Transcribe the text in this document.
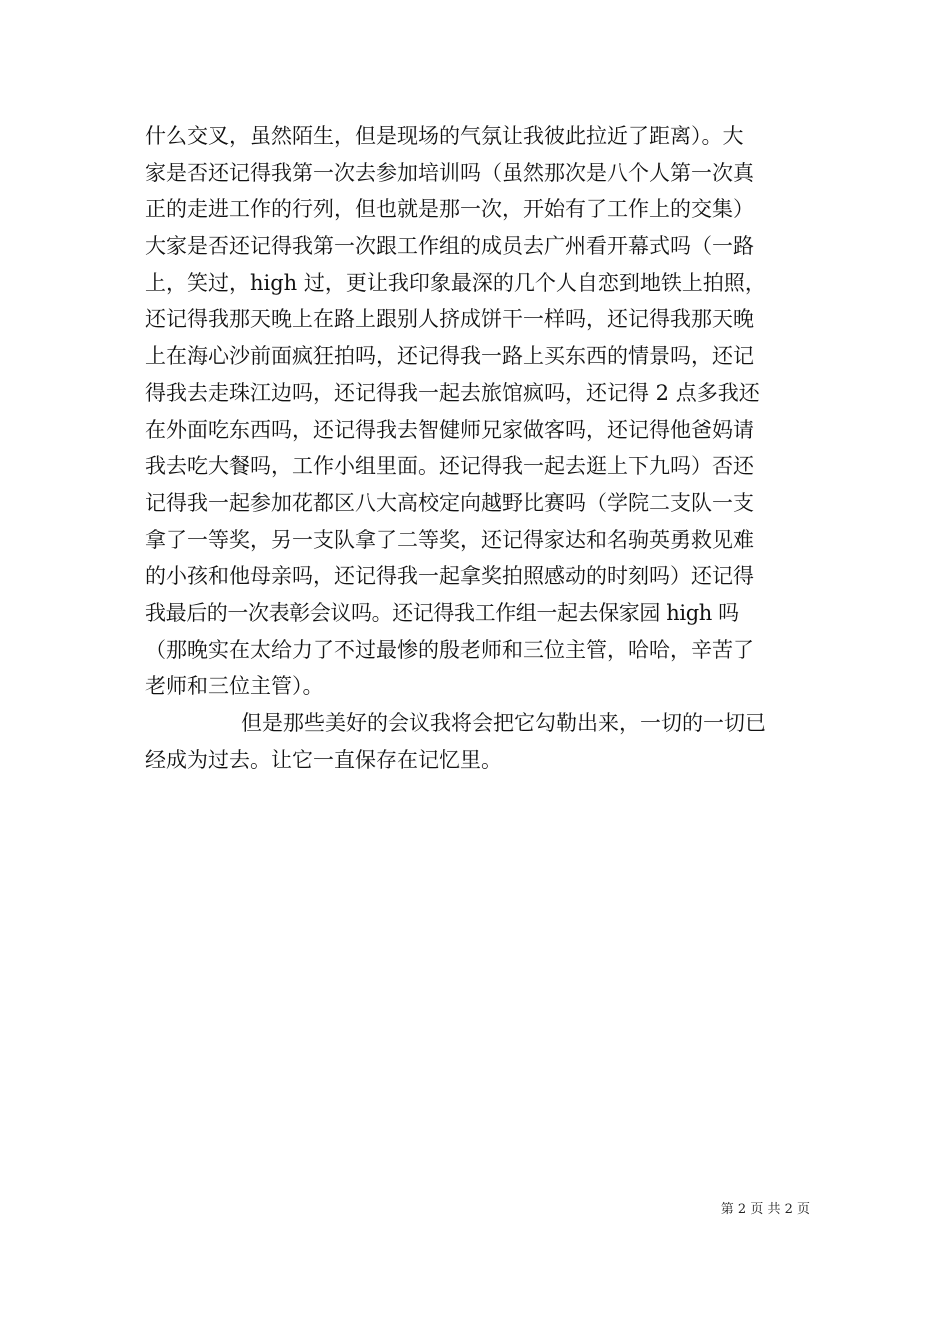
什么交叉，虽然陌生，但是现场的气氛让我彼此拉近了距离）。大
家是否还记得我第一次去参加培训吗（虽然那次是八个人第一次真
正的走进工作的行列，但也就是那一次，开始有了工作上的交集）
大家是否还记得我第一次跟工作组的成员去广州看开幕式吗（一路
上，笑过，high 过，更让我印象最深的几个人自恋到地铁上拍照，
还记得我那天晚上在路上跟别人挤成饼干一样吗，还记得我那天晚
上在海心沙前面疯狂拍吗，还记得我一路上买东西的情景吗，还记
得我去走珠江边吗，还记得我一起去旅馆疯吗，还记得 2 点多我还
在外面吃东西吗，还记得我去智健师兄家做客吗，还记得他爸妈请
我去吃大餐吗，工作小组里面。还记得我一起去逛上下九吗）否还
记得我一起参加花都区八大高校定向越野比赛吗（学院二支队一支
拿了一等奖，另一支队拿了二等奖，还记得家达和名驹英勇救见难
的小孩和他母亲吗，还记得我一起拿奖拍照感动的时刻吗）还记得
我最后的一次表彰会议吗。还记得我工作组一起去保家园 high 吗
（那晚实在太给力了不过最惨的殷老师和三位主管，哈哈，辛苦了
老师和三位主管）。
但是那些美好的会议我将会把它勾勒出来，一切的一切已
经成为过去。让它一直保存在记忆里。
第 2 页 共 2 页
